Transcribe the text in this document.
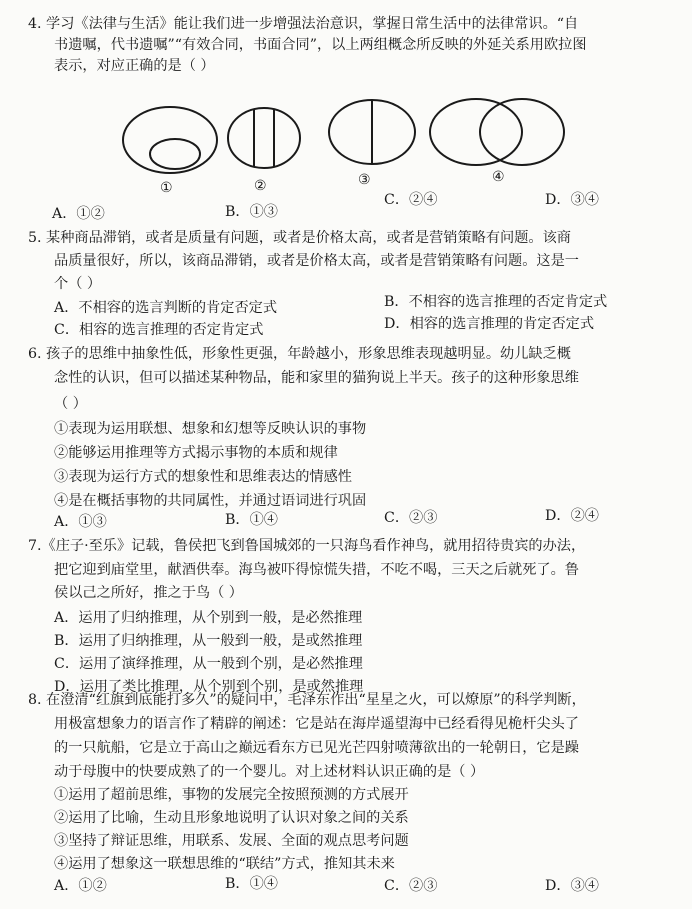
4. 学习《法律与生活》能让我们进一步增强法治意识，掌握日常生活中的法律常识。“自
书遗嘱，代书遗嘱”“有效合同，书面合同”，以上两组概念所反映的外延关系用欧拉图
表示，对应正确的是（ ）
①	②	③	④
A．①②	B．①③
C．②④	D．③④
5. 某种商品滞销，或者是质量有问题，或者是价格太高，或者是营销策略有问题。该商
品质量很好，所以，该商品滞销，或者是价格太高，或者是营销策略有问题。这是一
个（ ）
A．不相容的选言判断的肯定否定式	B．不相容的选言推理的否定肯定式
C．相容的选言推理的否定肯定式	D．相容的选言推理的肯定否定式
6. 孩子的思维中抽象性低，形象性更强，年龄越小，形象思维表现越明显。幼儿缺乏概
念性的认识，但可以描述某种物品，能和家里的猫狗说上半天。孩子的这种形象思维
（ ）
①表现为运用联想、想象和幻想等反映认识的事物
②能够运用推理等方式揭示事物的本质和规律
③表现为运行方式的想象性和思维表达的情感性
④是在概括事物的共同属性，并通过语词进行巩固
A．①③	B．①④	C．②③	D．②④
7.《庄子·至乐》记载，鲁侯把飞到鲁国城郊的一只海鸟看作神鸟，就用招待贵宾的办法，
把它迎到庙堂里，献酒供奉。海鸟被吓得惊慌失措，不吃不喝，三天之后就死了。鲁
侯以己之所好，推之于鸟（ ）
A．运用了归纳推理，从个别到一般，是必然推理
B．运用了归纳推理，从一般到一般，是或然推理
C．运用了演绎推理，从一般到个别，是必然推理
D．运用了类比推理，从个别到个别，是或然推理
8. 在澄清“红旗到底能打多久”的疑问中，毛泽东作出“星星之火，可以燎原”的科学判断，
用极富想象力的语言作了精辟的阐述：它是站在海岸遥望海中已经看得见桅杆尖头了
的一只航船，它是立于高山之巅远看东方已见光芒四射喷薄欲出的一轮朝日，它是躁
动于母腹中的快要成熟了的一个婴儿。对上述材料认识正确的是（ ）
①运用了超前思维，事物的发展完全按照预测的方式展开
②运用了比喻，生动且形象地说明了认识对象之间的关系
③坚持了辩证思维，用联系、发展、全面的观点思考问题
④运用了想象这一联想思维的“联结”方式，推知其未来
A．①②	B．①④	C．②③	D．③④
